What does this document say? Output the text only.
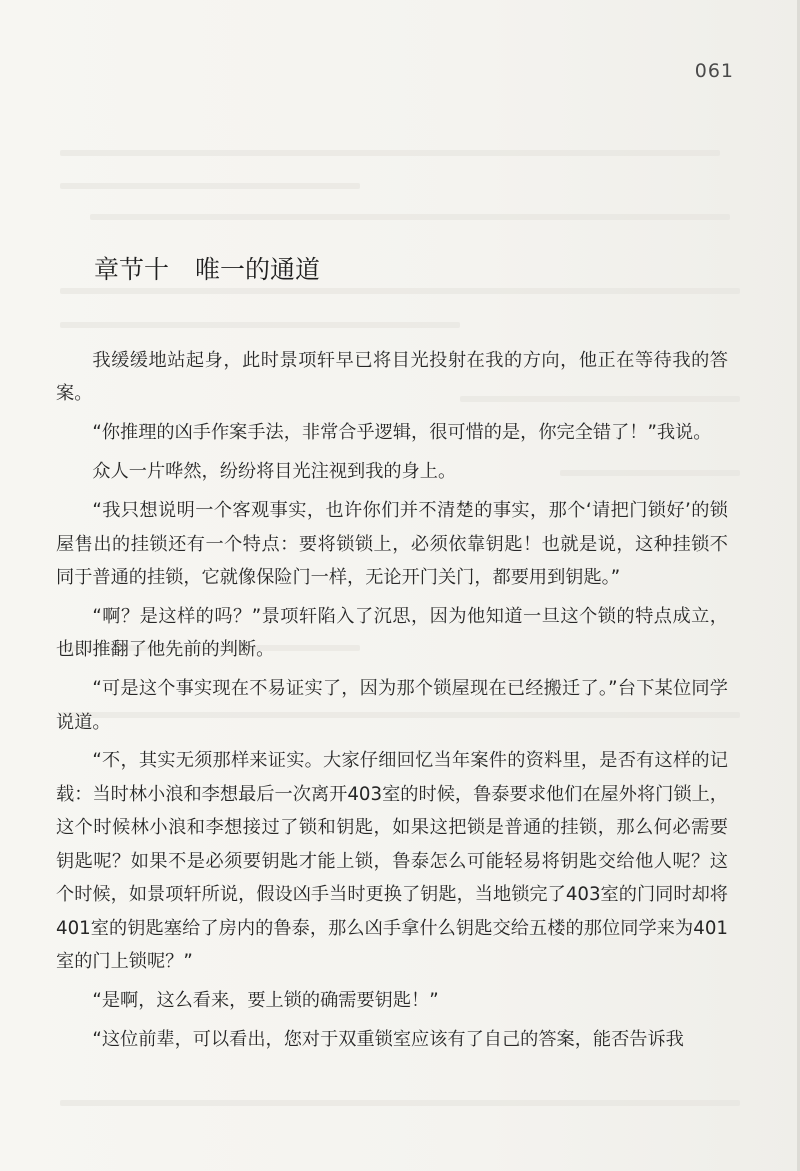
061
章节十 唯一的通道

我缓缓地站起身，此时景项轩早已将目光投射在我的方向，他正在等待我的答案。

“你推理的凶手作案手法，非常合乎逻辑，很可惜的是，你完全错了！”我说。

众人一片哗然，纷纷将目光注视到我的身上。

“我只想说明一个客观事实，也许你们并不清楚的事实，那个‘请把门锁好’的锁屋售出的挂锁还有一个特点：要将锁锁上，必须依靠钥匙！也就是说，这种挂锁不同于普通的挂锁，它就像保险门一样，无论开门关门，都要用到钥匙。”

“啊？是这样的吗？”景项轩陷入了沉思，因为他知道一旦这个锁的特点成立，也即推翻了他先前的判断。

“可是这个事实现在不易证实了，因为那个锁屋现在已经搬迁了。”台下某位同学说道。

“不，其实无须那样来证实。大家仔细回忆当年案件的资料里，是否有这样的记载：当时林小浪和李想最后一次离开403室的时候，鲁泰要求他们在屋外将门锁上，这个时候林小浪和李想接过了锁和钥匙，如果这把锁是普通的挂锁，那么何必需要钥匙呢？如果不是必须要钥匙才能上锁，鲁泰怎么可能轻易将钥匙交给他人呢？这个时候，如景项轩所说，假设凶手当时更换了钥匙，当地锁完了403室的门同时却将401室的钥匙塞给了房内的鲁泰，那么凶手拿什么钥匙交给五楼的那位同学来为401室的门上锁呢？”

“是啊，这么看来，要上锁的确需要钥匙！”

“这位前辈，可以看出，您对于双重锁室应该有了自己的答案，能否告诉我
